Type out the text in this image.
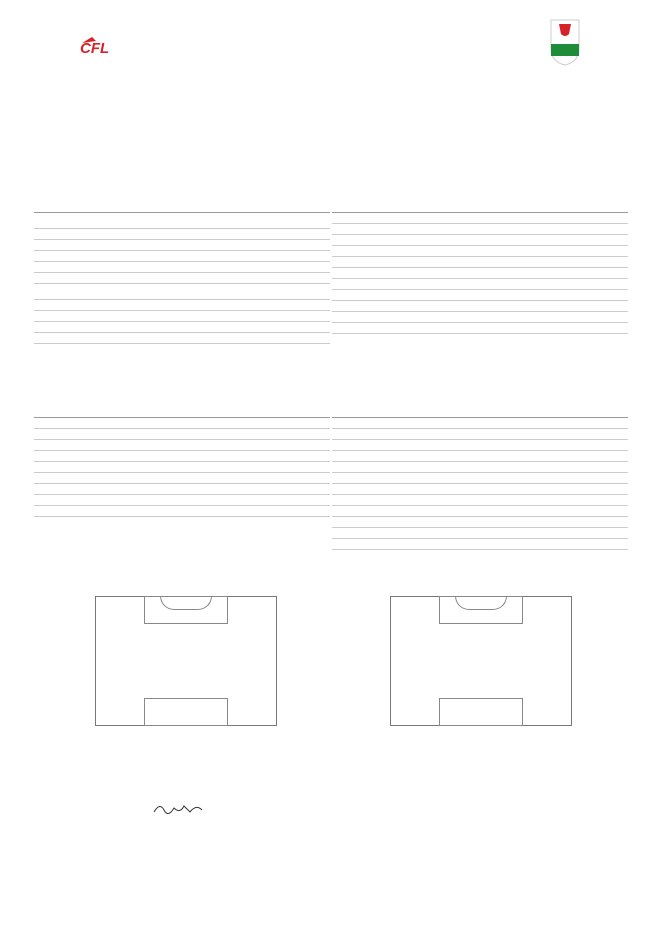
CFL
